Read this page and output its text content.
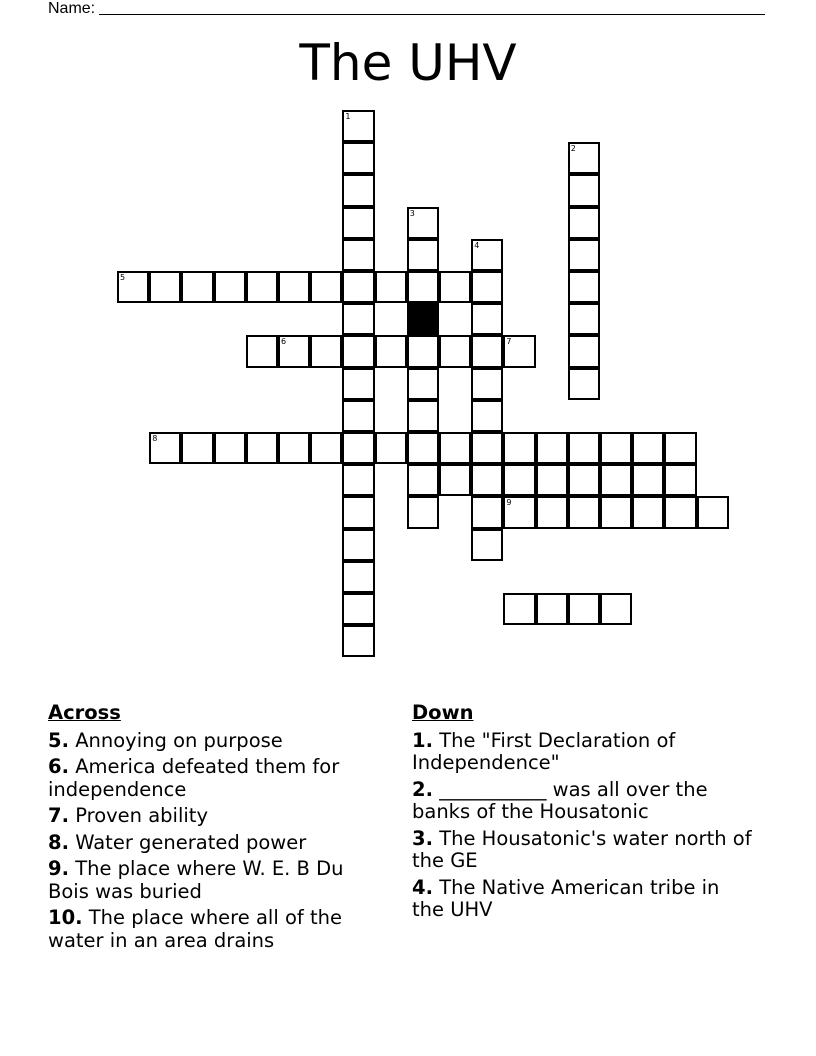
Name:
The UHV
1
2
3
4
5
6	7
8
9
Across
5. Annoying on purpose
6. America defeated them for independence
7. Proven ability
8. Water generated power
9. The place where W. E. B Du Bois was buried
10. The place where all of the water in an area drains
Down
1. The "First Declaration of Independence"
2. ___________ was all over the banks of the Housatonic
3. The Housatonic's water north of the GE
4. The Native American tribe in the UHV
